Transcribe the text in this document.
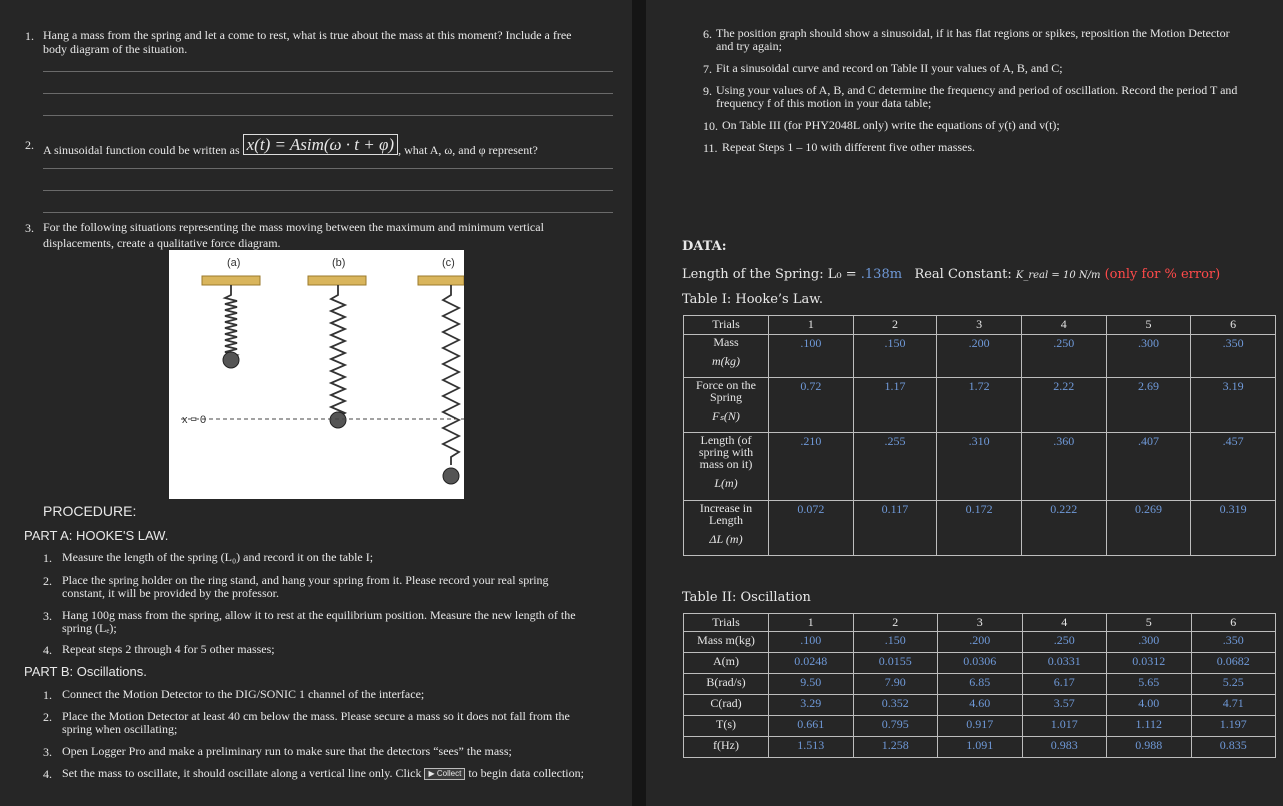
1. Hang a mass from the spring and let a come to rest, what is true about the mass at this moment? Include a free
body diagram of the situation.
2. A sinusoidal function could be written as x(t) = Asim(ω · t + φ) , what A, ω, and φ represent?
3. For the following situations representing the mass moving between the maximum and minimum vertical
displacements, create a qualitative force diagram.
(a)	(b)	(c)
x = 0
PROCEDURE:
PART A: HOOKE'S LAW.
1. Measure the length of the spring (L₀) and record it on the table I;
2. Place the spring holder on the ring stand, and hang your spring from it. Please record your real spring
constant, it will be provided by the professor.
3. Hang 100g mass from the spring, allow it to rest at the equilibrium position. Measure the new length of the
spring (Lₑ);
4. Repeat steps 2 through 4 for 5 other masses;
PART B: Oscillations.
1. Connect the Motion Detector to the DIG/SONIC 1 channel of the interface;
2. Place the Motion Detector at least 40 cm below the mass. Please secure a mass so it does not fall from the
spring when oscillating;
3. Open Logger Pro and make a preliminary run to make sure that the detectors “sees” the mass;
4. Set the mass to oscillate, it should oscillate along a vertical line only. Click ▶ Collect to begin data collection;
6. The position graph should show a sinusoidal, if it has flat regions or spikes, reposition the Motion Detector
and try again;
7. Fit a sinusoidal curve and record on Table II your values of A, B, and C;
9. Using your values of A, B, and C determine the frequency and period of oscillation. Record the period T and
frequency f of this motion in your data table;
10. On Table III (for PHY2048L only) write the equations of y(t) and v(t);
11. Repeat Steps 1 – 10 with different five other masses.
DATA:
Length of the Spring: L₀ = .138m Real Constant: K_real = 10 N/m (only for % error)
Table I: Hooke’s Law.
Trials	1	2	3	4	5	6

Mass
m(kg)	.100	.150	.200	.250	.300	.350

Force on the Spring
Fₛ(N)	0.72	1.17	1.72	2.22	2.69	3.19

Length (of spring with mass on it)
L(m)	.210	.255	.310	.360	.407	.457

Increase in Length
ΔL (m)	0.072	0.117	0.172	0.222	0.269	0.319
Table II: Oscillation
Trials	1	2	3	4	5	6
Mass m(kg)	.100	.150	.200	.250	.300	.350
A(m)	0.0248	0.0155	0.0306	0.0331	0.0312	0.0682
B(rad/s)	9.50	7.90	6.85	6.17	5.65	5.25
C(rad)	3.29	0.352	4.60	3.57	4.00	4.71
T(s)	0.661	0.795	0.917	1.017	1.112	1.197
f(Hz)	1.513	1.258	1.091	0.983	0.988	0.835
